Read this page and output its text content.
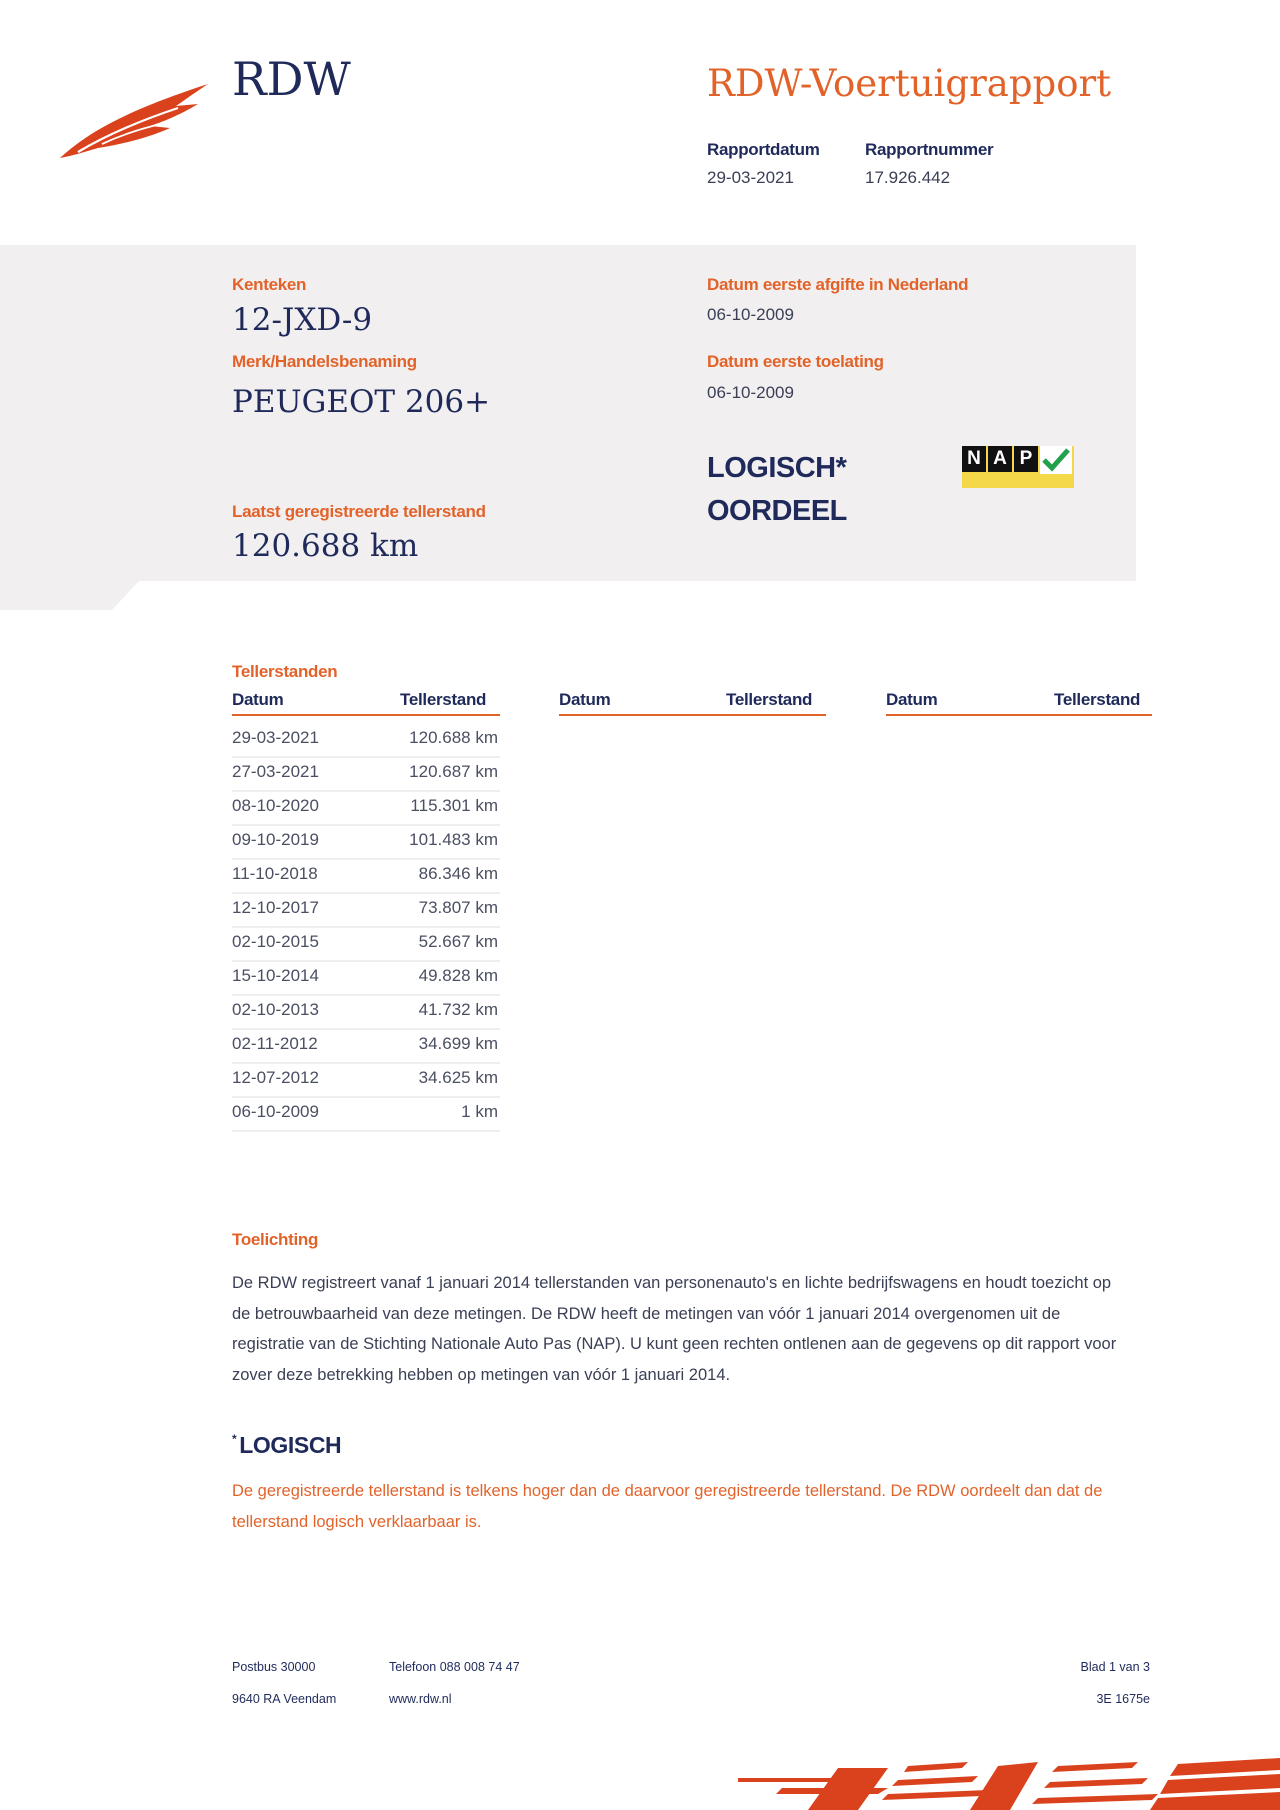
RDW	RDW-Voertuigrapport
Rapportdatum
29-03-2021
Rapportnummer
17.926.442
Kenteken
12-JXD-9
Merk/Handelsbenaming
PEUGEOT 206+
Datum eerste afgifte in Nederland
06-10-2009
Datum eerste toelating
06-10-2009
LOGISCH*
OORDEEL
N A P
Laatst geregistreerde tellerstand
120.688 km
Tellerstanden
Datum	Tellerstand	Datum	Tellerstand	Datum	Tellerstand
29-03-2021	120.688 km
27-03-2021	120.687 km
08-10-2020	115.301 km
09-10-2019	101.483 km
11-10-2018	86.346 km
12-10-2017	73.807 km
02-10-2015	52.667 km
15-10-2014	49.828 km
02-10-2013	41.732 km
02-11-2012	34.699 km
12-07-2012	34.625 km
06-10-2009	1 km
Toelichting
De RDW registreert vanaf 1 januari 2014 tellerstanden van personenauto's en lichte bedrijfswagens en houdt toezicht op de betrouwbaarheid van deze metingen. De RDW heeft de metingen van vóór 1 januari 2014 overgenomen uit de registratie van de Stichting Nationale Auto Pas (NAP). U kunt geen rechten ontlenen aan de gegevens op dit rapport voor zover deze betrekking hebben op metingen van vóór 1 januari 2014.
* LOGISCH
De geregistreerde tellerstand is telkens hoger dan de daarvoor geregistreerde tellerstand. De RDW oordeelt dan dat de tellerstand logisch verklaarbaar is.
Postbus 30000
9640 RA Veendam
Telefoon 088 008 74 47
www.rdw.nl
Blad 1 van 3
3E 1675e
